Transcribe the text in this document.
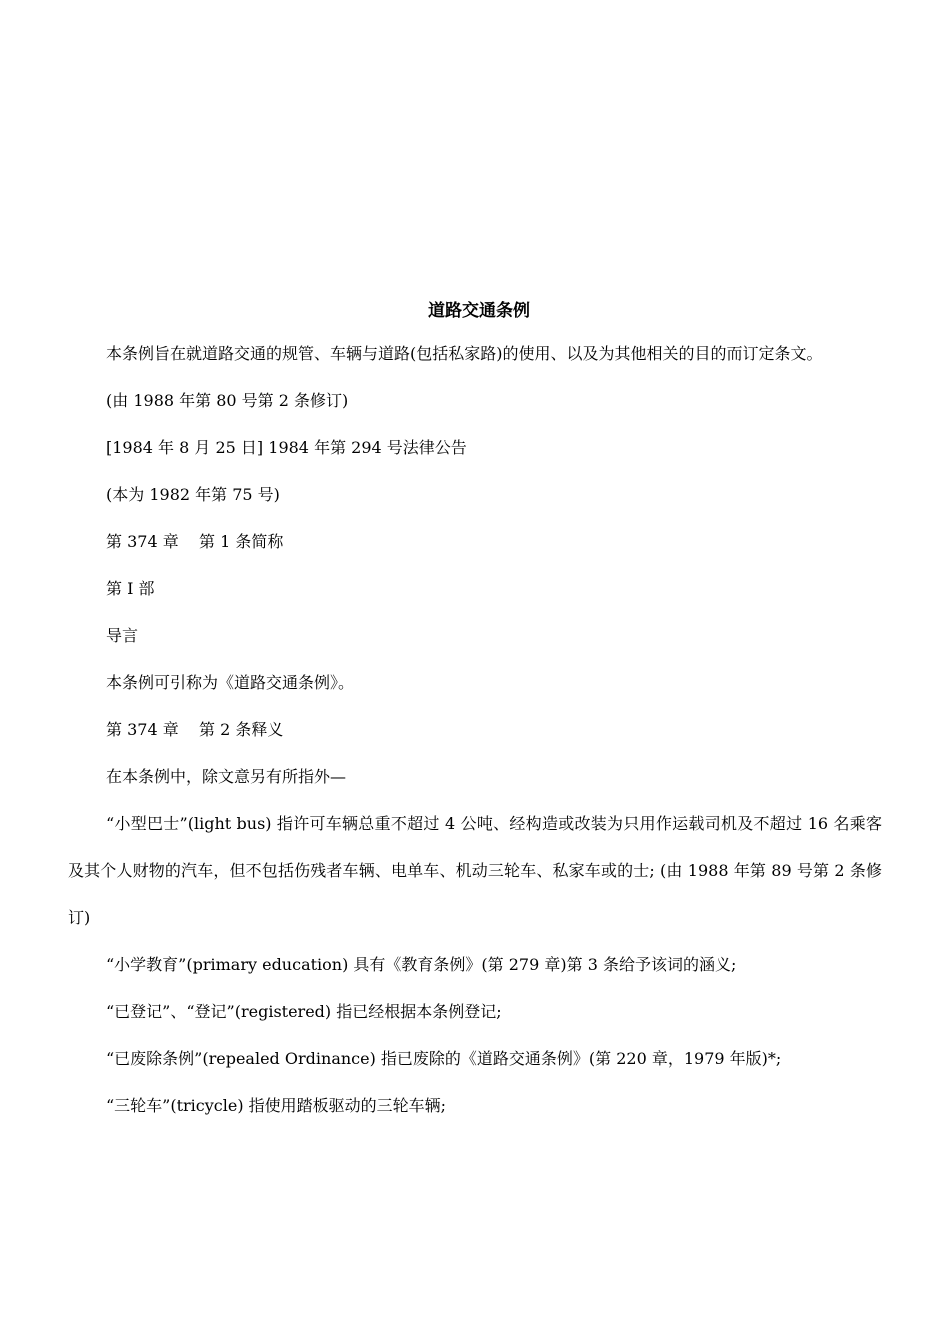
道路交通条例

本条例旨在就道路交通的规管、车辆与道路(包括私家路)的使用、以及为其他相关的目的而订定条文。

(由 1988 年第 80 号第 2 条修订)

[1984 年 8 月 25 日] 1984 年第 294 号法律公告

(本为 1982 年第 75 号)

第 374 章    第 1 条简称

第 I 部

导言

本条例可引称为《道路交通条例》。

第 374 章    第 2 条释义

在本条例中，除文意另有所指外—

“小型巴士”(light bus) 指许可车辆总重不超过 4 公吨、经构造或改装为只用作运载司机及不超过 16 名乘客及其个人财物的汽车，但不包括伤残者车辆、电单车、机动三轮车、私家车或的士; (由 1988 年第 89 号第 2 条修订)

“小学教育”(primary education) 具有《教育条例》(第 279 章)第 3 条给予该词的涵义;

“已登记”、“登记”(registered) 指已经根据本条例登记;

“已废除条例”(repealed Ordinance) 指已废除的《道路交通条例》(第 220 章，1979 年版)*;

“三轮车”(tricycle) 指使用踏板驱动的三轮车辆;
